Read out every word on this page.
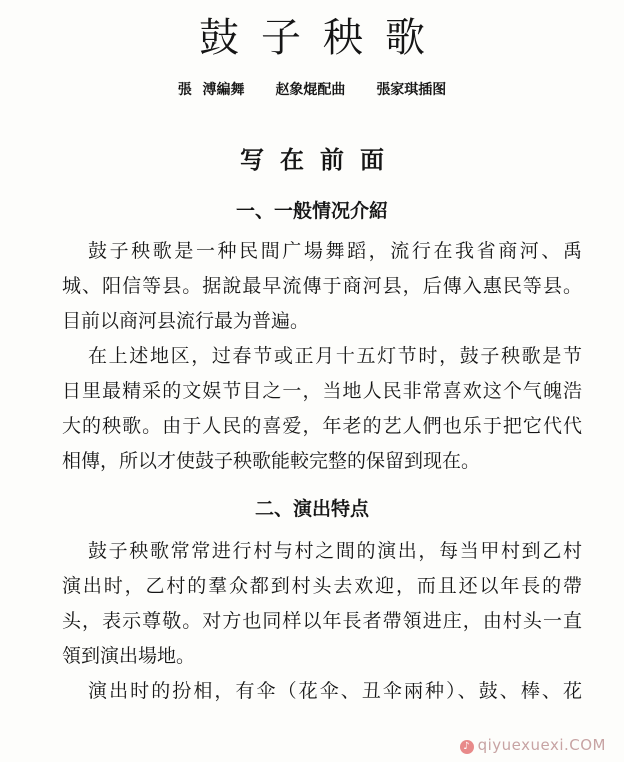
鼓子秧歌
張 溥編舞 赵象焜配曲 張家琪插图
写在前面
一、一般情况介紹
鼓子秧歌是一种民間广場舞蹈，流行在我省商河、禹
城、阳信等县。据說最早流傳于商河县，后傳入惠民等县。
目前以商河县流行最为普遍。
在上述地区，过春节或正月十五灯节时，鼓子秧歌是节
日里最精采的文娱节目之一，当地人民非常喜欢这个气魄浩
大的秧歌。由于人民的喜爱，年老的艺人們也乐于把它代代
相傳，所以才使鼓子秧歌能較完整的保留到现在。
二、演出特点
鼓子秧歌常常进行村与村之間的演出，每当甲村到乙村
演出时，乙村的羣众都到村头去欢迎，而且还以年長的帶
头，表示尊敬。对方也同样以年長者帶領进庄，由村头一直
領到演出場地。
演出时的扮相，有伞（花伞、丑伞兩种）、鼓、棒、花
♪ qiyuexuexi.COM
